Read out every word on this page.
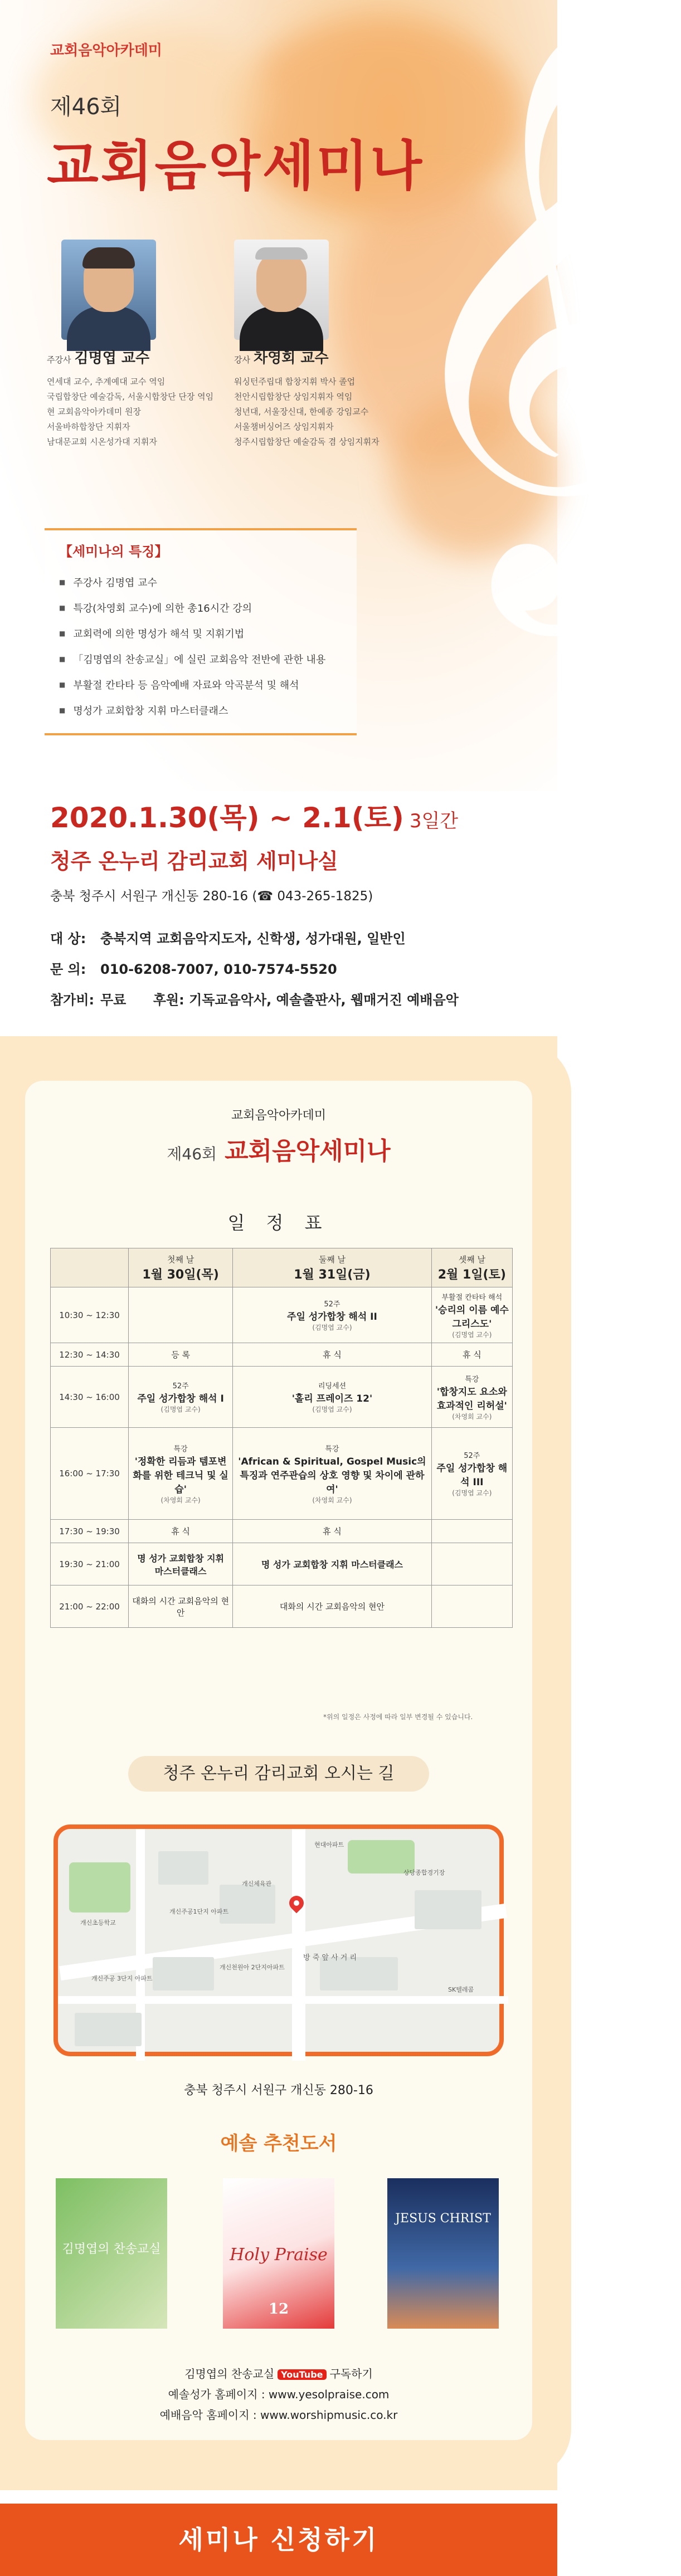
𝄞
교회음악아카데미
제46회
교회음악세미나
주강사 김명엽 교수
연세대 교수, 추계예대 교수 역임
국립합창단 예술감독, 서울시합창단 단장 역임
현 교회음악아카데미 원장
서울바하합창단 지휘자
남대문교회 시온성가대 지휘자
강사 차영회 교수
워싱턴주립대 합창지휘 박사 졸업
천안시립합창단 상임지휘자 역임
청년대, 서울장신대, 한예종 강임교수
서울챔버싱어즈 상임지휘자
청주시립합창단 예술감독 겸 상임지휘자
【세미나의 특징】
■ 주강사 김명엽 교수
■ 특강(차영회 교수)에 의한 총16시간 강의
■ 교회력에 의한 명성가 해석 및 지휘기법
■ 「김명엽의 찬송교실」에 실린 교회음악 전반에 관한 내용
■ 부활절 칸타타 등 음악예배 자료와 악곡분석 및 해석
■ 명성가 교회합창 지휘 마스터클래스
2020.1.30(목) ~ 2.1(토) 3일간
청주 온누리 감리교회 세미나실
충북 청주시 서원구 개신동 280-16 (☎ 043-265-1825)
대 상: 충북지역 교회음악지도자, 신학생, 성가대원, 일반인
문 의: 010-6208-7007, 010-7574-5520
참가비: 무료 후원: 기독교음악사, 예솔출판사, 웹매거진 예배음악
교회음악아카데미
제46회 교회음악세미나
일 정 표

	첫째 날
1월 30일(목)	둘째 날
1월 31일(금)	셋째 날
2월 1일(토)

10:30 ~ 12:30		52주
주일 성가합창 해석 II
(김명엽 교수)	부활절 칸타타 해석
'승리의 이름 예수 그리스도'
(김명엽 교수)

12:30 ~ 14:30	등 록	휴 식	휴 식
14:30 ~ 16:00	52주
주일 성가합창 해석 I
(김명엽 교수)	리딩세션
'홀리 프레이즈 12'
(김명엽 교수)	특강
'합창지도 요소와 효과적인 리허설'
(차영회 교수)

16:00 ~ 17:30	특강
'정확한 리듬과 템포변화를 위한 테크닉 및 실습'
(차영회 교수)	특강
'African & Spiritual, Gospel Music의 특징과 연주관습의 상호 영향 및 차이에 관하여'
(차영회 교수)	52주
주일 성가합창 해석 III
(김명엽 교수)

17:30 ~ 19:30	휴 식	휴 식	
19:30 ~ 21:00	명 성가 교회합창 지휘 마스터클래스	명 성가 교회합창 지휘 마스터클래스	

21:00 ~ 22:00	대화의 시간 교회음악의 현안	대화의 시간 교회음악의 현안	
*위의 일정은 사정에 따라 일부 변경될 수 있습니다.
청주 온누리 감리교회 오시는 길
개신체육관
현대아파트
개신초등학교
개신주공1단지 아파트
개신천원아 2단지아파트
개신주공 3단지 아파트
상당종합경기장
방 죽 앞 사 거 리
SK텔레콤
충북 청주시 서원구 개신동 280-16
예솔 추천도서
김명엽의 찬송교실	Holy Praise
12
JESUS CHRIST
김명엽의 찬송교실 YouTube 구독하기
예솔성가 홈페이지 : www.yesolpraise.com
예배음악 홈페이지 : www.worshipmusic.co.kr
세미나 신청하기
